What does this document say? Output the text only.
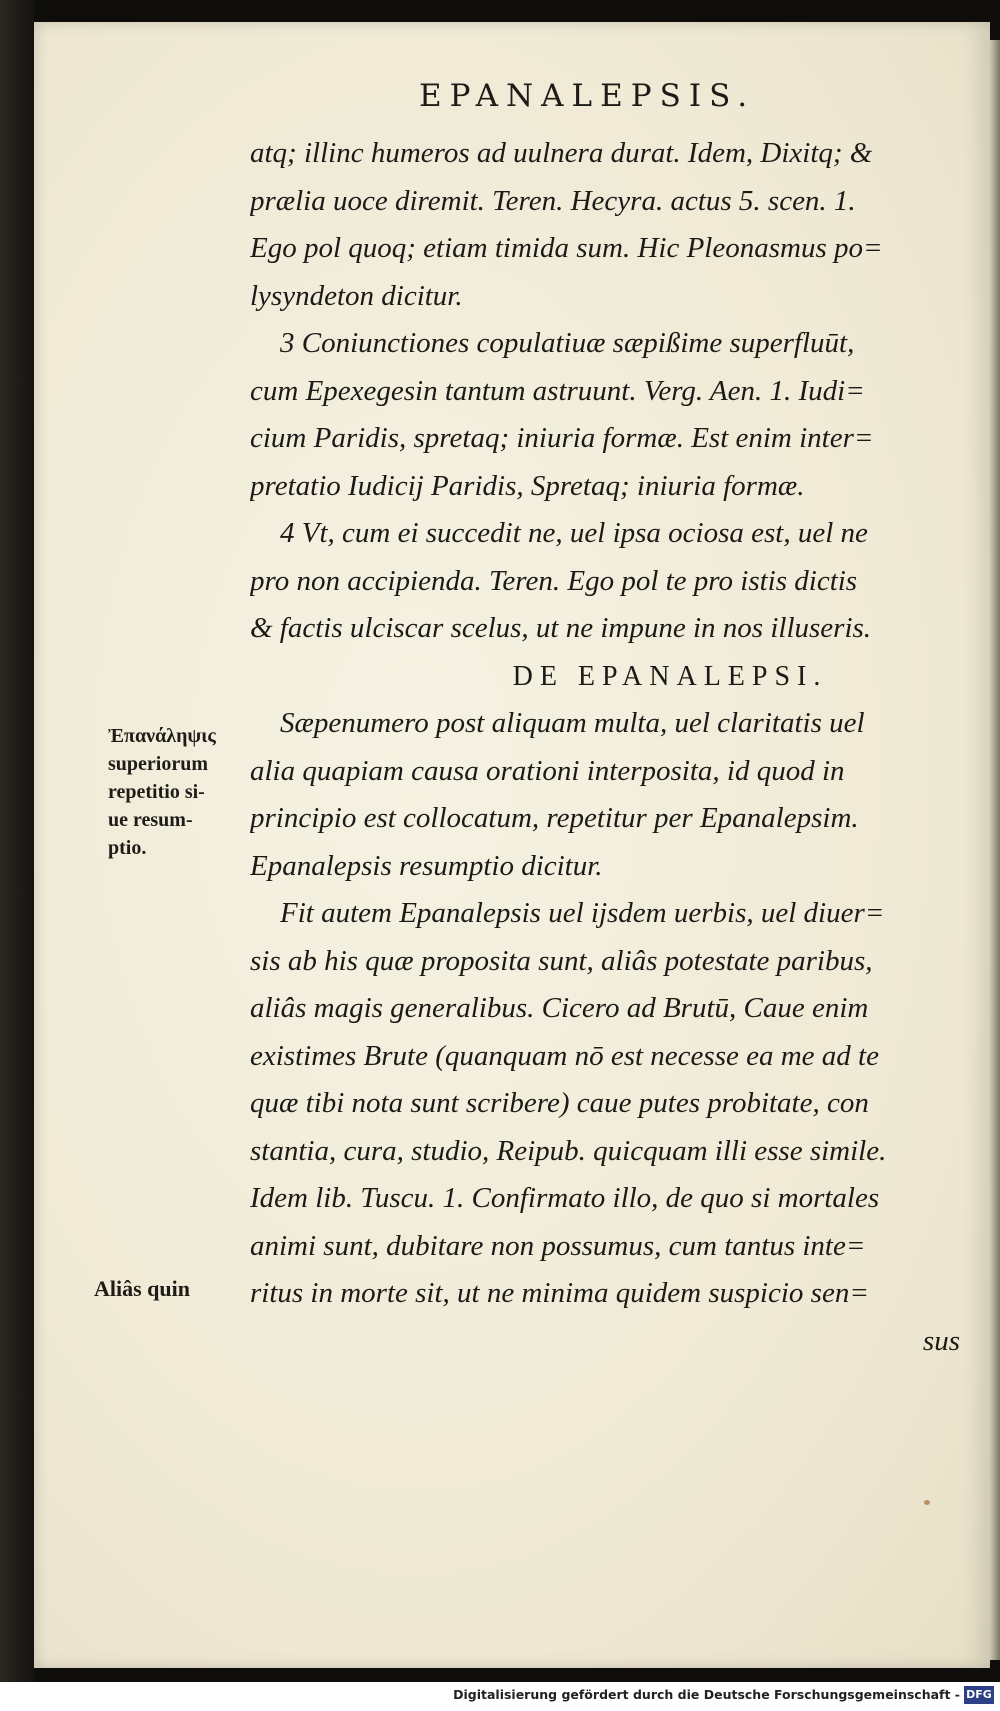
EPANALEPSIS.
atq; illinc humeros ad uulnera durat. Idem, Dixitq; &
prælia uoce diremit. Teren. Hecyra. actus 5. scen. 1.
Ego pol quoq; etiam timida sum. Hic Pleonasmus po=
lysyndeton dicitur.
3 Coniunctiones copulatiuæ sæpißime superfluūt,
cum Epexegesin tantum astruunt. Verg. Aen. 1. Iudi=
cium Paridis, spretaq; iniuria formæ. Est enim inter=
pretatio Iudicij Paridis, Spretaq; iniuria formæ.
4 Vt, cum ei succedit ne, uel ipsa ociosa est, uel ne
pro non accipienda. Teren. Ego pol te pro istis dictis
& factis ulciscar scelus, ut ne impune in nos illuseris.
DE EPANALEPSI.
Sæpenumero post aliquam multa, uel claritatis uel
alia quapiam causa orationi interposita, id quod in
principio est collocatum, repetitur per Epanalepsim.
Epanalepsis resumptio dicitur.
Fit autem Epanalepsis uel ijsdem uerbis, uel diuer=
sis ab his quæ proposita sunt, aliâs potestate paribus,
aliâs magis generalibus. Cicero ad Brutū, Caue enim
existimes Brute (quanquam nō est necesse ea me ad te
quæ tibi nota sunt scribere) caue putes probitate, con
stantia, cura, studio, Reipub. quicquam illi esse simile.
Idem lib. Tuscu. 1. Confirmato illo, de quo si mortales
animi sunt, dubitare non possumus, cum tantus inte=
ritus in morte sit, ut ne minima quidem suspicio sen=
sus
Ἐπανάληψις
superiorum
repetitio si-
ue resum-
ptio.
Aliâs quin
Digitalisierung gefördert durch die Deutsche Forschungsgemeinschaft - DFG
